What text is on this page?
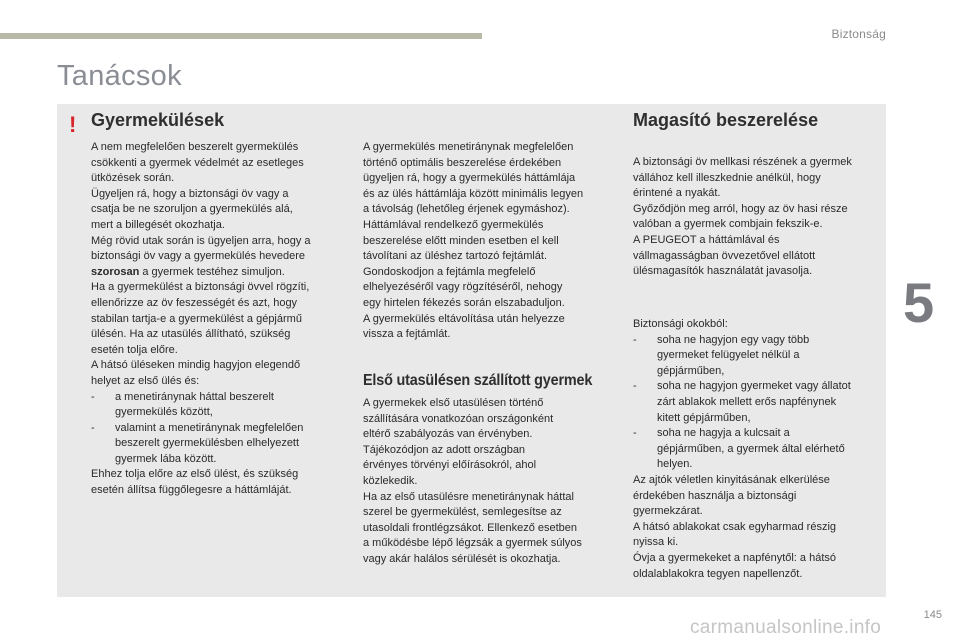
Biztonság
Tanácsok
5
! Gyermekülések	Magasító beszerelése
Első utasülésen szállított gyermek

A nem megfelelően beszerelt gyermekülés

csökkenti a gyermek védelmét az esetleges

ütközések során.

Ügyeljen rá, hogy a biztonsági öv vagy a

csatja be ne szoruljon a gyermekülés alá,

mert a billegését okozhatja.

Még rövid utak során is ügyeljen arra, hogy a

biztonsági öv vagy a gyermekülés hevedere

szorosan a gyermek testéhez simuljon.

Ha a gyermekülést a biztonsági övvel rögzíti,

ellenőrizze az öv feszességét és azt, hogy

stabilan tartja-e a gyermekülést a gépjármű

ülésén. Ha az utasülés állítható, szükség

esetén tolja előre.

A hátsó üléseken mindig hagyjon elegendő

helyet az első ülés és:

- a menetiránynak háttal beszerelt

gyermekülés között,

- valamint a menetiránynak megfelelően

beszerelt gyermekülésben elhelyezett

gyermek lába között.

Ehhez tolja előre az első ülést, és szükség

esetén állítsa függőlegesre a háttámláját.

A gyermekülés menetiránynak megfelelően

történő optimális beszerelése érdekében

ügyeljen rá, hogy a gyermekülés háttámlája

és az ülés háttámlája között minimális legyen

a távolság (lehetőleg érjenek egymáshoz).

Háttámlával rendelkező gyermekülés

beszerelése előtt minden esetben el kell

távolítani az üléshez tartozó fejtámlát.

Gondoskodjon a fejtámla megfelelő

elhelyezéséről vagy rögzítéséről, nehogy

egy hirtelen fékezés során elszabaduljon.

A gyermekülés eltávolítása után helyezze

vissza a fejtámlát.

A gyermekek első utasülésen történő

szállítására vonatkozóan országonként

eltérő szabályozás van érvényben.

Tájékozódjon az adott országban

érvényes törvényi előírásokról, ahol

közlekedik.

Ha az első utasülésre menetiránynak háttal

szerel be gyermekülést, semlegesítse az

utasoldali frontlégzsákot. Ellenkező esetben

a működésbe lépő légzsák a gyermek súlyos

vagy akár halálos sérülését is okozhatja.

A biztonsági öv mellkasi részének a gyermek

vállához kell illeszkednie anélkül, hogy

érintené a nyakát.

Győződjön meg arról, hogy az öv hasi része

valóban a gyermek combjain fekszik-e.

A PEUGEOT a háttámlával és

vállmagasságban övvezetővel ellátott

ülésmagasítók használatát javasolja.

Biztonsági okokból:

- soha ne hagyjon egy vagy több

gyermeket felügyelet nélkül a

gépjárműben,

- soha ne hagyjon gyermeket vagy állatot

zárt ablakok mellett erős napfénynek

kitett gépjárműben,

- soha ne hagyja a kulcsait a

gépjárműben, a gyermek által elérhető

helyen.

Az ajtók véletlen kinyitásának elkerülése

érdekében használja a biztonsági

gyermekzárat.

A hátsó ablakokat csak egyharmad részig

nyissa ki.

Óvja a gyermekeket a napfénytől: a hátsó

oldalablakokra tegyen napellenzőt.

145
carmanualsonline.info
